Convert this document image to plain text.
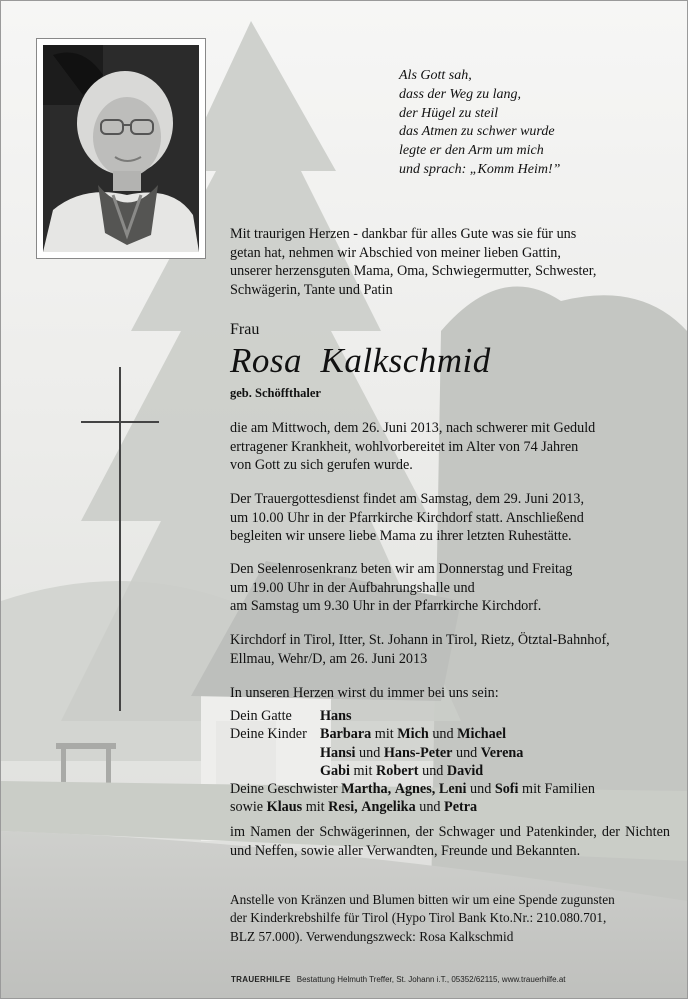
Als Gott sah,
dass der Weg zu lang,
der Hügel zu steil
das Atmen zu schwer wurde
legte er den Arm um mich
und sprach: „Komm Heim!”
Mit traurigen Herzen - dankbar für alles Gute was sie für uns
getan hat, nehmen wir Abschied von meiner lieben Gattin,
unserer herzensguten Mama, Oma, Schwiegermutter, Schwester,
Schwägerin, Tante und Patin
Frau
Rosa  Kalkschmid
geb. Schöffthaler
die am Mittwoch, dem 26. Juni 2013, nach schwerer mit Geduld
ertragener Krankheit, wohlvorbereitet im Alter von 74 Jahren
von Gott zu sich gerufen wurde.
Der Trauergottesdienst findet am Samstag, dem 29. Juni 2013,
um 10.00 Uhr in der Pfarrkirche Kirchdorf statt. Anschließend
begleiten wir unsere liebe Mama zu ihrer letzten Ruhestätte.
Den Seelenrosenkranz beten wir am Donnerstag und Freitag
um 19.00 Uhr in der Aufbahrungshalle und
am Samstag um 9.30 Uhr in der Pfarrkirche Kirchdorf.
Kirchdorf in Tirol, Itter, St. Johann in Tirol, Rietz, Ötztal-Bahnhof,
Ellmau, Wehr/D, am 26. Juni 2013
In unseren Herzen wirst du immer bei uns sein:
Dein Gatte Hans
Deine Kinder Barbara mit Mich und Michael
Hansi und Hans-Peter und Verena
Gabi mit Robert und David
Deine Geschwister Martha, Agnes, Leni und Sofi mit Familien
sowie Klaus mit Resi, Angelika und Petra
im Namen der Schwägerinnen, der Schwager und Patenkinder, der Nichten und Neffen, sowie aller Verwandten, Freunde und Bekannten.
Anstelle von Kränzen und Blumen bitten wir um eine Spende zugunsten
der Kinderkrebshilfe für Tirol (Hypo Tirol Bank Kto.Nr.: 210.080.701,
BLZ 57.000). Verwendungszweck: Rosa Kalkschmid
TRAUERHILFE Bestattung Helmuth Treffer, St. Johann i.T., 05352/62115, www.trauerhilfe.at
